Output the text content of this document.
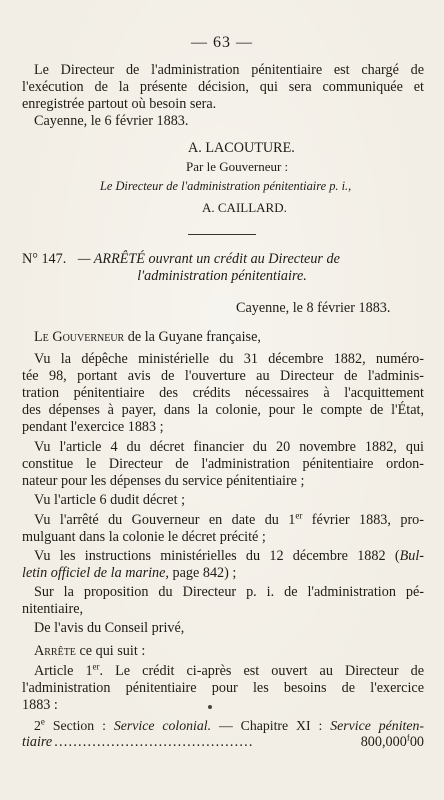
— 63 —
Le Directeur de l'administration pénitentiaire est chargé de
l'exécution de la présente décision, qui sera communiquée et
enregistrée partout où besoin sera.
Cayenne, le 6 février 1883.
A. LACOUTURE.
Par le Gouverneur :
Le Directeur de l'administration pénitentiaire p. i.,
A. CAILLARD.
N° 147. — ARRÊTÉ ouvrant un crédit au Directeur de
l'administration pénitentiaire.
Cayenne, le 8 février 1883.
Le Gouverneur de la Guyane française,
Vu la dépêche ministérielle du 31 décembre 1882, numéro-
tée 98, portant avis de l'ouverture au Directeur de l'adminis-
tration pénitentiaire des crédits nécessaires à l'acquittement
des dépenses à payer, dans la colonie, pour le compte de l'État,
pendant l'exercice 1883 ;
Vu l'article 4 du décret financier du 20 novembre 1882, qui
constitue le Directeur de l'administration pénitentiaire ordon-
nateur pour les dépenses du service pénitentiaire ;
Vu l'article 6 dudit décret ;
Vu l'arrêté du Gouverneur en date du 1er février 1883, pro-
mulguant dans la colonie le décret précité ;
Vu les instructions ministérielles du 12 décembre 1882 (Bul-
letin officiel de la marine, page 842) ;
Sur la proposition du Directeur p. i. de l'administration pé-
nitentiaire,
De l'avis du Conseil privé,
Arrête ce qui suit :
Article 1er. Le crédit ci-après est ouvert au Directeur de
l'administration pénitentiaire pour les besoins de l'exercice
1883 :
2e Section : Service colonial. — Chapitre XI : Service péniten-
tiaire ..........................................	800,000$^f$00
